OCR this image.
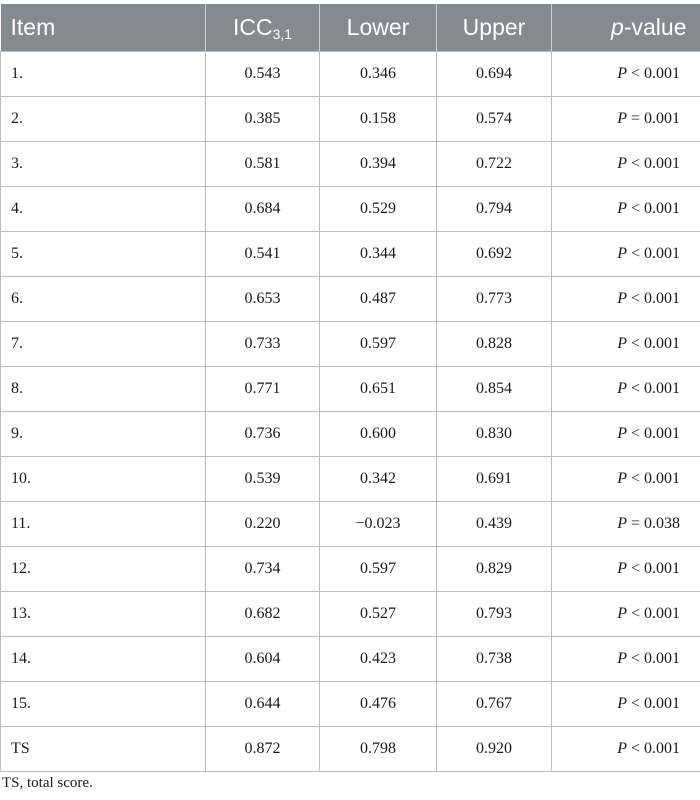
Item	$ICC_{3,1}$	Lower	Upper	p-value
1.	0.543	0.346	0.694	P < 0.001
2.	0.385	0.158	0.574	P = 0.001
3.	0.581	0.394	0.722	P < 0.001
4.	0.684	0.529	0.794	P < 0.001
5.	0.541	0.344	0.692	P < 0.001
6.	0.653	0.487	0.773	P < 0.001
7.	0.733	0.597	0.828	P < 0.001
8.	0.771	0.651	0.854	P < 0.001
9.	0.736	0.600	0.830	P < 0.001
10.	0.539	0.342	0.691	P < 0.001
11.	0.220	−0.023	0.439	P = 0.038
12.	0.734	0.597	0.829	P < 0.001
13.	0.682	0.527	0.793	P < 0.001
14.	0.604	0.423	0.738	P < 0.001
15.	0.644	0.476	0.767	P < 0.001
TS	0.872	0.798	0.920	P < 0.001
TS, total score.
